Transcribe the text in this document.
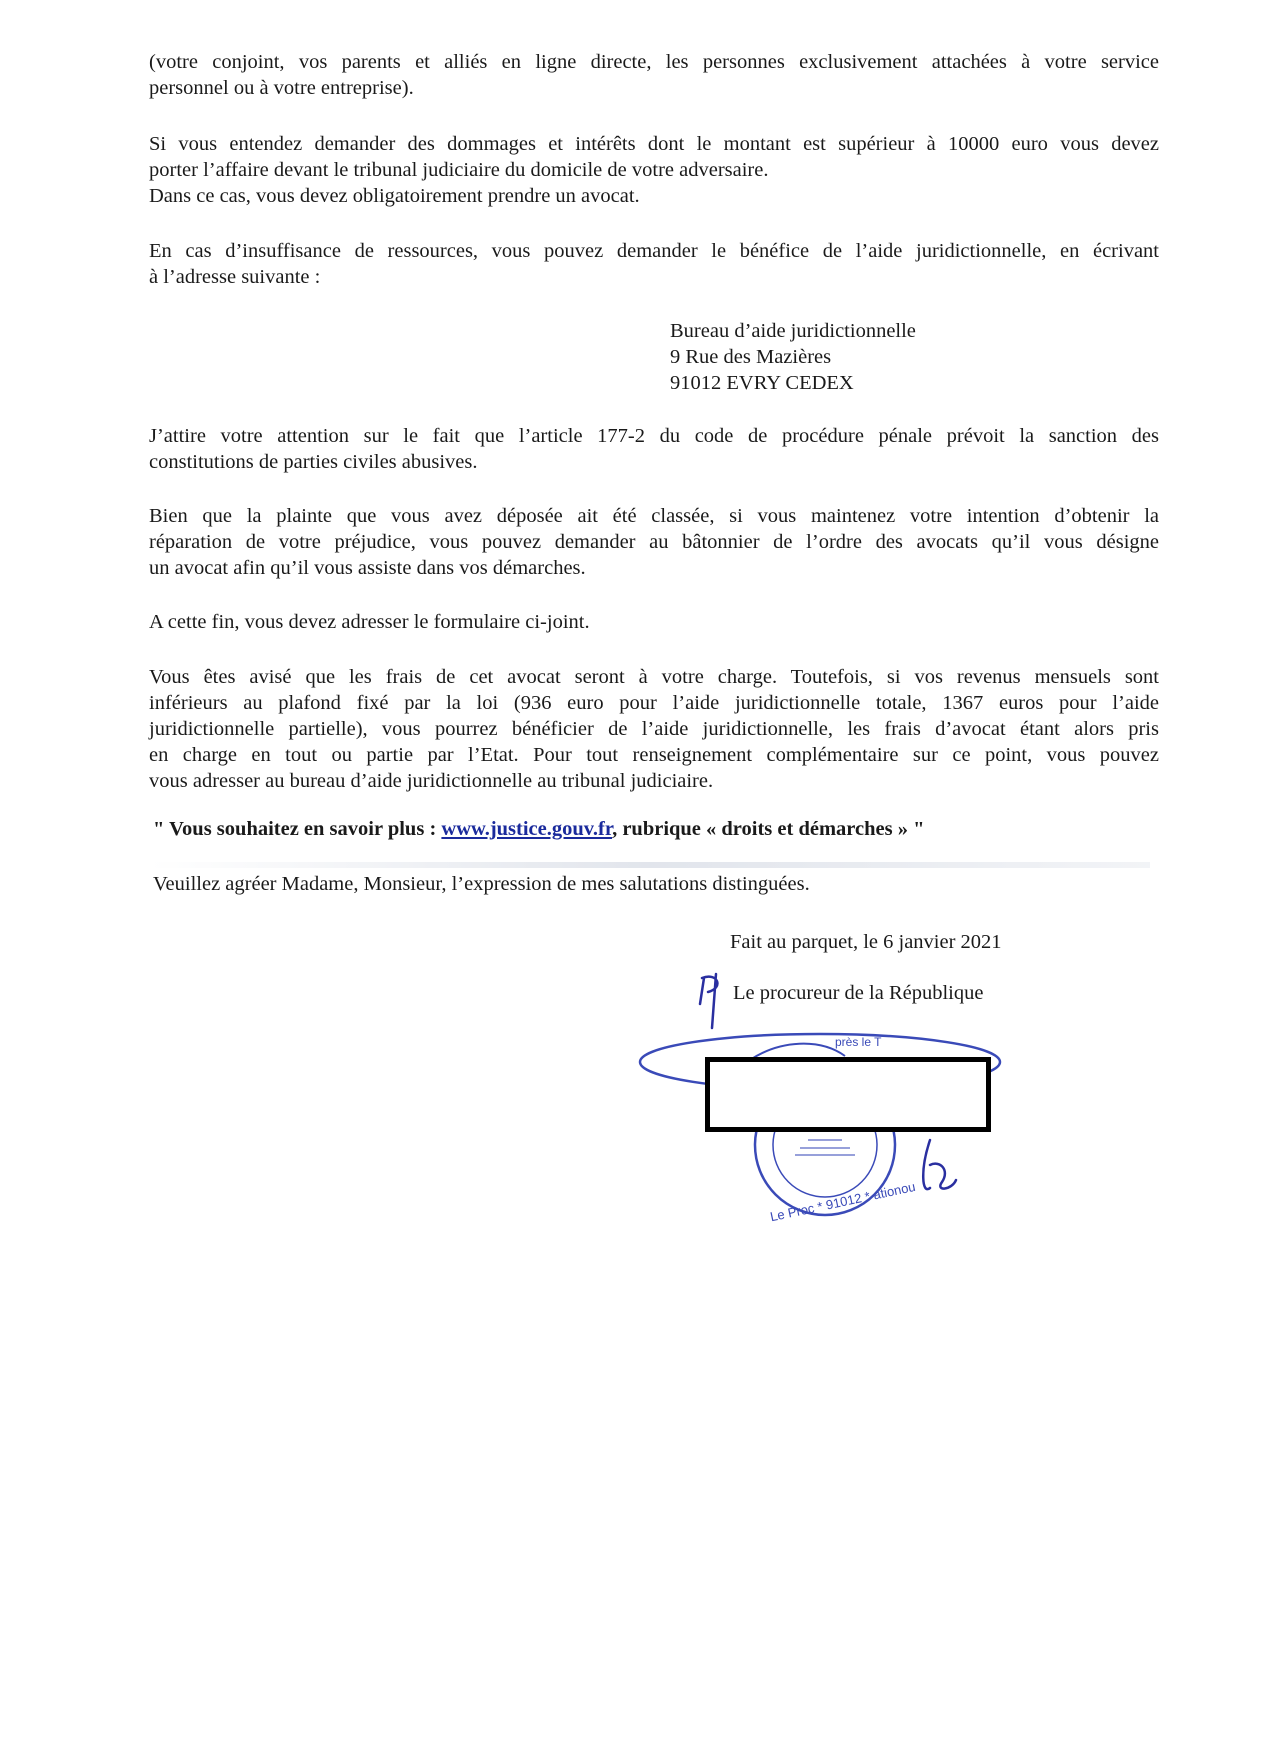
(votre conjoint, vos parents et alliés en ligne directe, les personnes exclusivement attachées à votre service
personnel ou à votre entreprise).
Si vous entendez demander des dommages et intérêts dont le montant est supérieur à 10000 euro vous devez
porter l’affaire devant le tribunal judiciaire du domicile de votre adversaire.
Dans ce cas, vous devez obligatoirement prendre un avocat.
En cas d’insuffisance de ressources, vous pouvez demander le bénéfice de l’aide juridictionnelle, en écrivant
à l’adresse suivante :
Bureau d’aide juridictionnelle
9 Rue des Mazières
91012 EVRY CEDEX
J’attire votre attention sur le fait que l’article 177-2 du code de procédure pénale prévoit la sanction des
constitutions de parties civiles abusives.
Bien que la plainte que vous avez déposée ait été classée, si vous maintenez votre intention d’obtenir la
réparation de votre préjudice, vous pouvez demander au bâtonnier de l’ordre des avocats qu’il vous désigne
un avocat afin qu’il vous assiste dans vos démarches.
A cette fin, vous devez adresser le formulaire ci-joint.
Vous êtes avisé que les frais de cet avocat seront à votre charge. Toutefois, si vos revenus mensuels sont
inférieurs au plafond fixé par la loi (936 euro pour l’aide juridictionnelle totale, 1367 euros pour l’aide
juridictionnelle partielle), vous pourrez bénéficier de l’aide juridictionnelle, les frais d’avocat étant alors pris
en charge en tout ou partie par l’Etat. Pour tout renseignement complémentaire sur ce point, vous pouvez
vous adresser au bureau d’aide juridictionnelle au tribunal judiciaire.
" Vous souhaitez en savoir plus : www.justice.gouv.fr, rubrique « droits et démarches » "
Veuillez agréer Madame, Monsieur, l’expression de mes salutations distinguées.
Fait au parquet, le 6 janvier 2021
Le procureur de la République
près le T
Le Proc * 91012 * ationou
